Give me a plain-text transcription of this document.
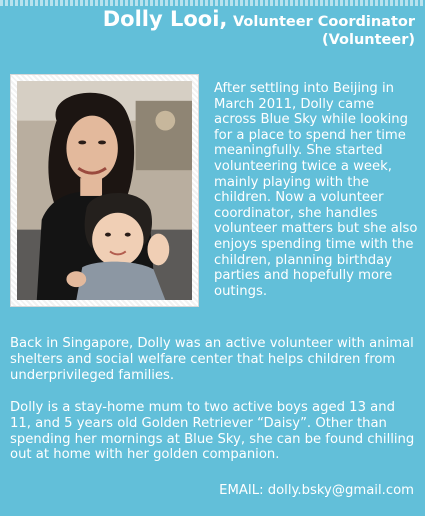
Dolly Looi, Volunteer Coordinator
(Volunteer)

After settling into Beijing in March 2011, Dolly came across Blue Sky while looking for a place to spend her time meaningfully. She started volunteering twice a week, mainly playing with the children. Now a volunteer coordinator, she handles volunteer matters but she also enjoys spending time with the children, planning birthday parties and hopefully more outings.

Back in Singapore, Dolly was an active volunteer with animal shelters and social welfare center that helps children from underprivileged families.

Dolly is a stay-home mum to two active boys aged 13 and 11, and 5 years old Golden Retriever “Daisy”. Other than spending her mornings at Blue Sky, she can be found chilling out at home with her golden companion.

EMAIL: dolly.bsky@gmail.com
